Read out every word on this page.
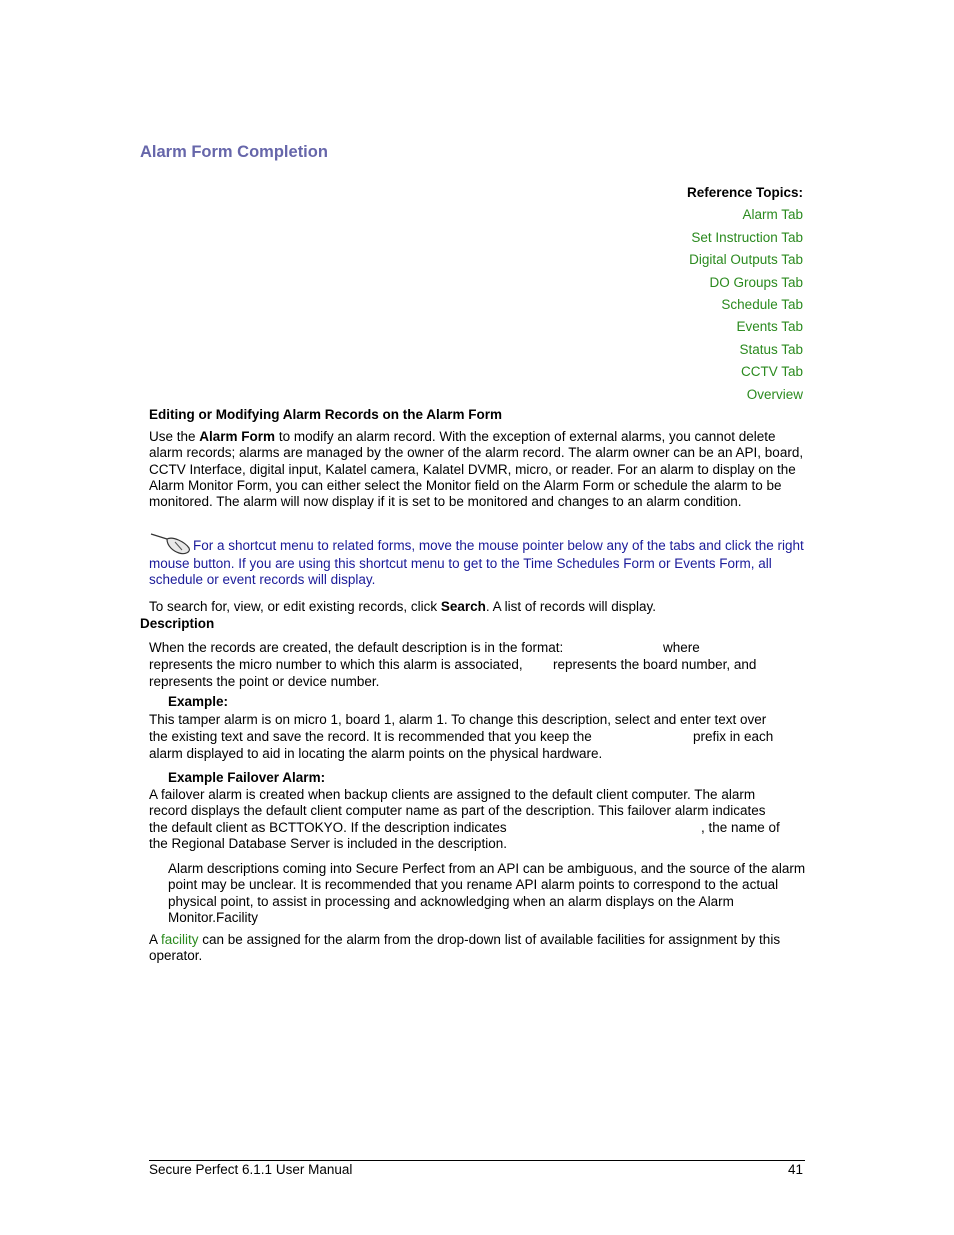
Alarm Form Completion
Reference Topics:
Alarm Tab
Set Instruction Tab
Digital Outputs Tab
DO Groups Tab
Schedule Tab
Events Tab
Status Tab
CCTV Tab
Overview
Editing or Modifying Alarm Records on the Alarm Form
Use the Alarm Form to modify an alarm record. With the exception of external alarms, you cannot delete alarm records; alarms are managed by the owner of the alarm record. The alarm owner can be an API, board, CCTV Interface, digital input, Kalatel camera, Kalatel DVMR, micro, or reader. For an alarm to display on the Alarm Monitor Form, you can either select the Monitor field on the Alarm Form or schedule the alarm to be monitored. The alarm will now display if it is set to be monitored and changes to an alarm condition.
For a shortcut menu to related forms, move the mouse pointer below any of the tabs and click the right mouse button. If you are using this shortcut menu to get to the Time Schedules Form or Events Form, all schedule or event records will display.
To search for, view, or edit existing records, click Search. A list of records will display.
Description
When the records are created, the default description is in the format:	where
represents the micro number to which this alarm is associated, represents the board number, and
represents the point or device number.
Example:
This tamper alarm is on micro 1, board 1, alarm 1. To change this description, select and enter text over
the existing text and save the record. It is recommended that you keep the	prefix in each
alarm displayed to aid in locating the alarm points on the physical hardware.
Example Failover Alarm:
A failover alarm is created when backup clients are assigned to the default client computer. The alarm
record displays the default client computer name as part of the description. This failover alarm indicates
the default client as BCTTOKYO. If the description indicates	, the name of
the Regional Database Server is included in the description.
Alarm descriptions coming into Secure Perfect from an API can be ambiguous, and the source of the alarm point may be unclear. It is recommended that you rename API alarm points to correspond to the actual physical point, to assist in processing and acknowledging when an alarm displays on the Alarm Monitor.Facility
A facility can be assigned for the alarm from the drop-down list of available facilities for assignment by this operator.
Secure Perfect 6.1.1 User Manual	41
